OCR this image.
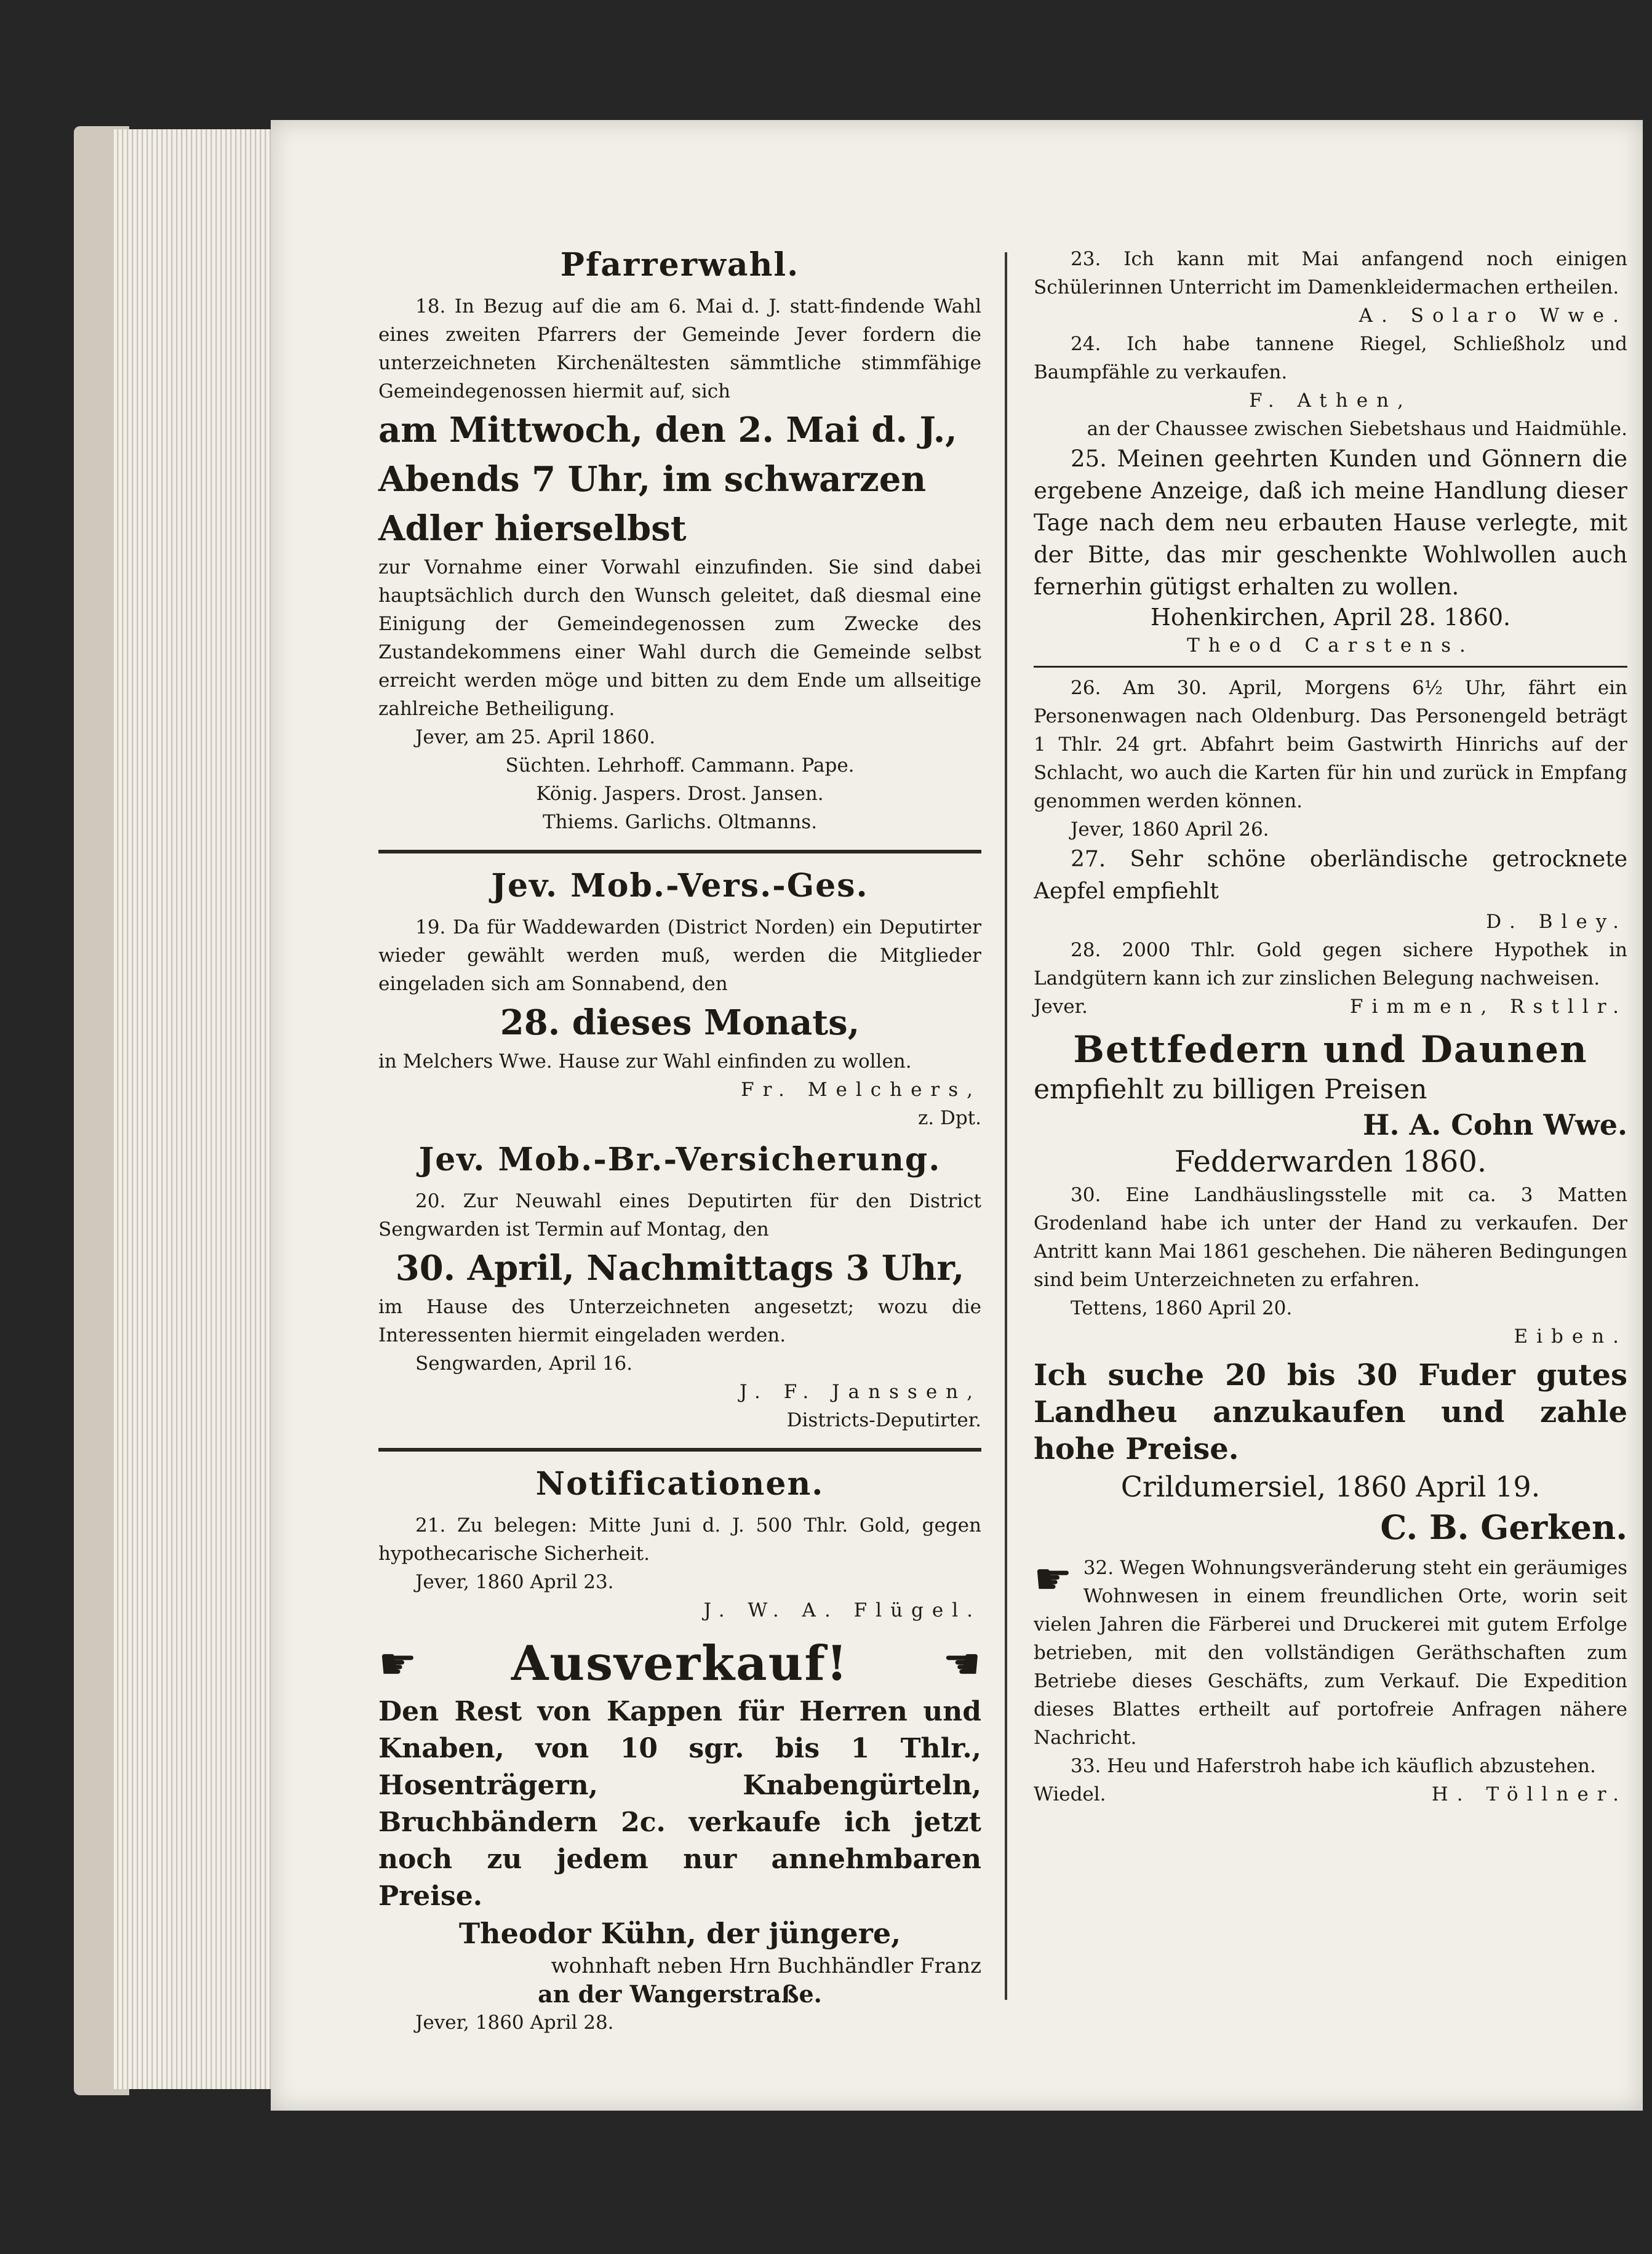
Pfarrerwahl.

18. In Bezug auf die am 6. Mai d. J. statt-findende Wahl eines zweiten Pfarrers der Gemeinde Jever fordern die unterzeichneten Kirchenältesten sämmtliche stimmfähige Gemeindegenossen hiermit auf, sich

am Mittwoch, den 2. Mai d. J., Abends 7 Uhr, im schwarzen Adler hierselbst

zur Vornahme einer Vorwahl einzufinden. Sie sind dabei hauptsächlich durch den Wunsch geleitet, daß diesmal eine Einigung der Gemeindegenossen zum Zwecke des Zustandekommens einer Wahl durch die Gemeinde selbst erreicht werden möge und bitten zu dem Ende um allseitige zahlreiche Betheiligung.

Jever, am 25. April 1860.

Süchten. Lehrhoff. Cammann. Pape.

König. Jaspers. Drost. Jansen.

Thiems. Garlichs. Oltmanns.

Jev. Mob.-Vers.-Ges.

19. Da für Waddewarden (District Norden) ein Deputirter wieder gewählt werden muß, werden die Mitglieder eingeladen sich am Sonnabend, den

28. dieses Monats,

in Melchers Wwe. Hause zur Wahl einfinden zu wollen.

Fr. Melchers,

z. Dpt.

Jev. Mob.-Br.-Versicherung.

20. Zur Neuwahl eines Deputirten für den District Sengwarden ist Termin auf Montag, den

30. April, Nachmittags 3 Uhr,

im Hause des Unterzeichneten angesetzt; wozu die Interessenten hiermit eingeladen werden.

Sengwarden, April 16.

J. F. Janssen,

Districts-Deputirter.

Notificationen.

21. Zu belegen: Mitte Juni d. J. 500 Thlr. Gold, gegen hypothecarische Sicherheit.

Jever, 1860 April 23.

J. W. A. Flügel.

☛ Ausverkauf! ☛

Den Rest von Kappen für Herren und Knaben, von 10 sgr. bis 1 Thlr., Hosenträgern, Knabengürteln, Bruchbändern 2c. verkaufe ich jetzt noch zu jedem nur annehmbaren Preise.

Theodor Kühn, der jüngere,

wohnhaft neben Hrn Buchhändler Franz

an der Wangerstraße.

Jever, 1860 April 28.

23. Ich kann mit Mai anfangend noch einigen Schülerinnen Unterricht im Damenkleidermachen ertheilen.

A. Solaro Wwe.

24. Ich habe tannene Riegel, Schließholz und Baumpfähle zu verkaufen.

F. Athen,

an der Chaussee zwischen Siebetshaus und Haidmühle.

25. Meinen geehrten Kunden und Gönnern die ergebene Anzeige, daß ich meine Handlung dieser Tage nach dem neu erbauten Hause verlegte, mit der Bitte, das mir geschenkte Wohlwollen auch fernerhin gütigst erhalten zu wollen.

Hohenkirchen, April 28. 1860.

Theod Carstens.

26. Am 30. April, Morgens 6½ Uhr, fährt ein Personenwagen nach Oldenburg. Das Personengeld beträgt 1 Thlr. 24 grt. Abfahrt beim Gastwirth Hinrichs auf der Schlacht, wo auch die Karten für hin und zurück in Empfang genommen werden können.

Jever, 1860 April 26.

27. Sehr schöne oberländische getrocknete Aepfel empfiehlt

D. Bley.

28. 2000 Thlr. Gold gegen sichere Hypothek in Landgütern kann ich zur zinslichen Belegung nachweisen.

Jever.	Fimmen, Rstllr.

Bettfedern und Daunen

empfiehlt zu billigen Preisen

H. A. Cohn Wwe.

Fedderwarden 1860.

30. Eine Landhäuslingsstelle mit ca. 3 Matten Grodenland habe ich unter der Hand zu verkaufen. Der Antritt kann Mai 1861 geschehen. Die näheren Bedingungen sind beim Unterzeichneten zu erfahren.

Tettens, 1860 April 20.

Eiben.

Ich suche 20 bis 30 Fuder gutes Landheu anzukaufen und zahle hohe Preise.

Crildumersiel, 1860 April 19.

C. B. Gerken.

☛ 32. Wegen Wohnungsveränderung steht ein geräumiges Wohnwesen in einem freundlichen Orte, worin seit vielen Jahren die Färberei und Druckerei mit gutem Erfolge betrieben, mit den vollständigen Geräthschaften zum Betriebe dieses Geschäfts, zum Verkauf. Die Expedition dieses Blattes ertheilt auf portofreie Anfragen nähere Nachricht.

33. Heu und Haferstroh habe ich käuflich abzustehen.

Wiedel.	H. Töllner.
